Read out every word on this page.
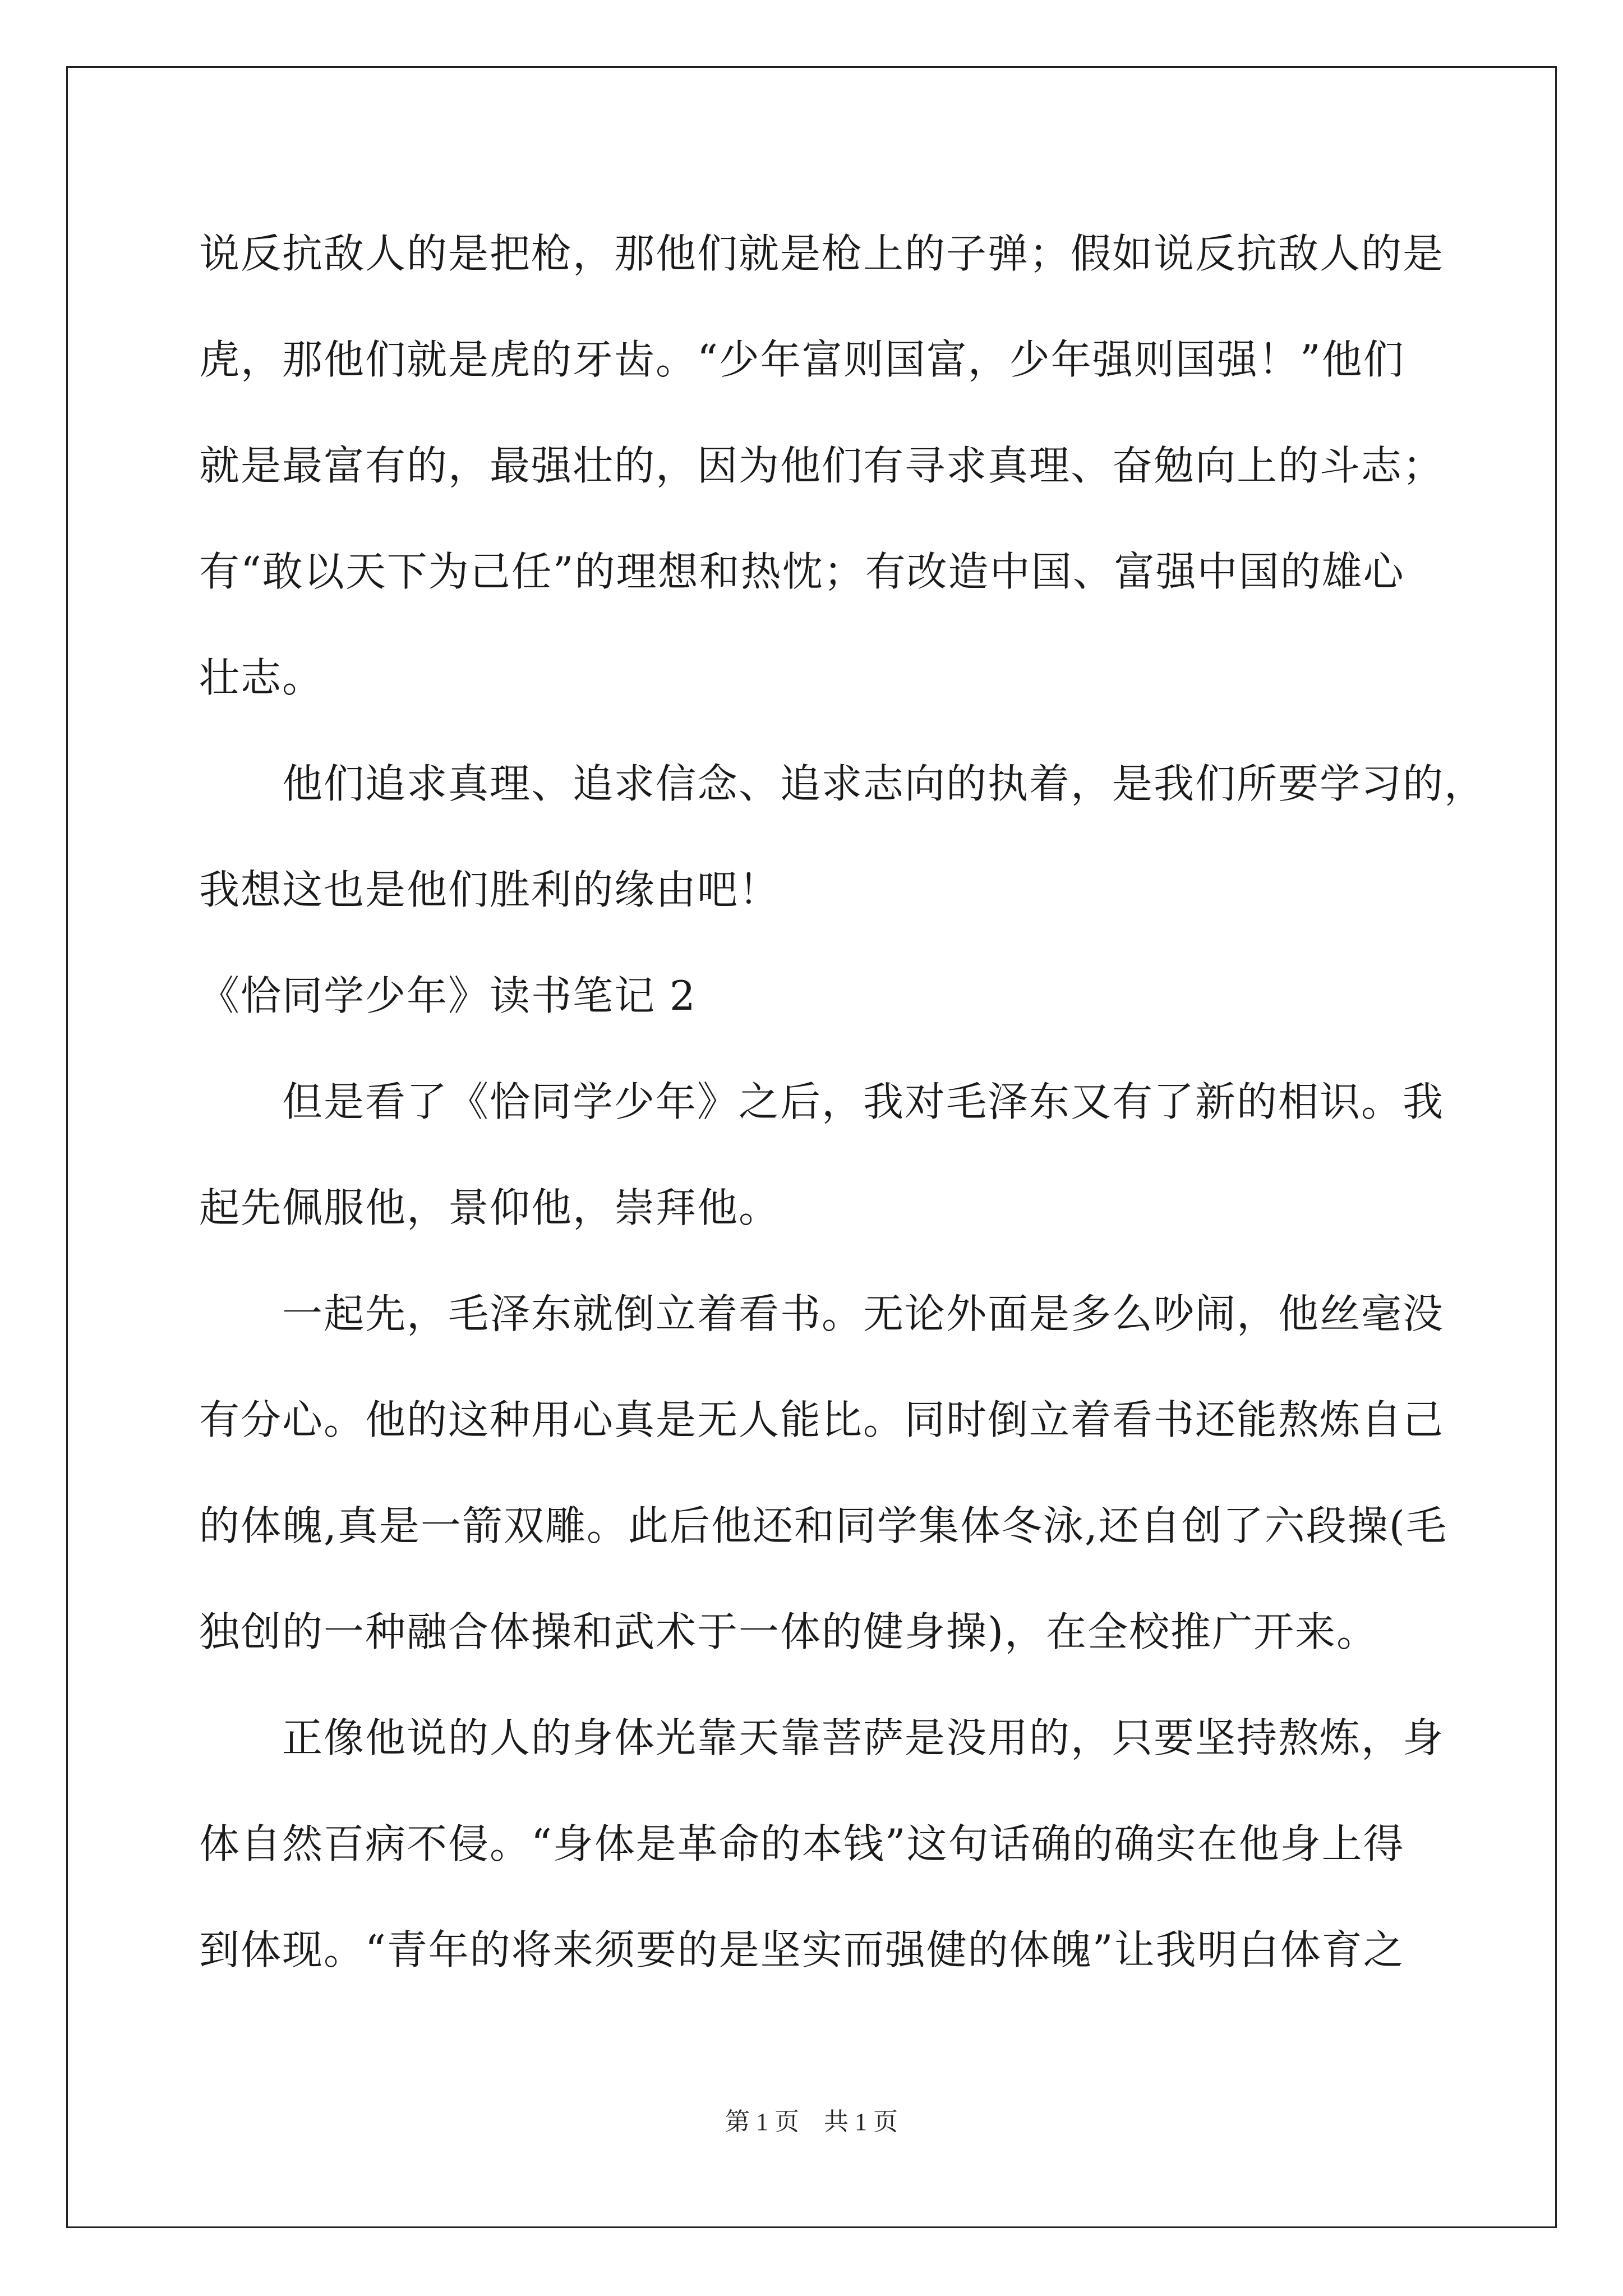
说反抗敌人的是把枪，那他们就是枪上的子弹；假如说反抗敌人的是
虎，那他们就是虎的牙齿。“少年富则国富，少年强则国强！”他们
就是最富有的，最强壮的，因为他们有寻求真理、奋勉向上的斗志；
有“敢以天下为己任”的理想和热忱；有改造中国、富强中国的雄心
壮志。
他们追求真理、追求信念、追求志向的执着，是我们所要学习的，
我想这也是他们胜利的缘由吧！
《恰同学少年》读书笔记 2
但是看了《恰同学少年》之后，我对毛泽东又有了新的相识。我
起先佩服他，景仰他，崇拜他。
一起先，毛泽东就倒立着看书。无论外面是多么吵闹，他丝毫没
有分心。他的这种用心真是无人能比。同时倒立着看书还能熬炼自己
的体魄,真是一箭双雕。此后他还和同学集体冬泳,还自创了六段操(毛
独创的一种融合体操和武术于一体的健身操)，在全校推广开来。
正像他说的人的身体光靠天靠菩萨是没用的，只要坚持熬炼，身
体自然百病不侵。“身体是革命的本钱”这句话确的确实在他身上得
到体现。“青年的将来须要的是坚实而强健的体魄”让我明白体育之
第 1 页　共 1 页
